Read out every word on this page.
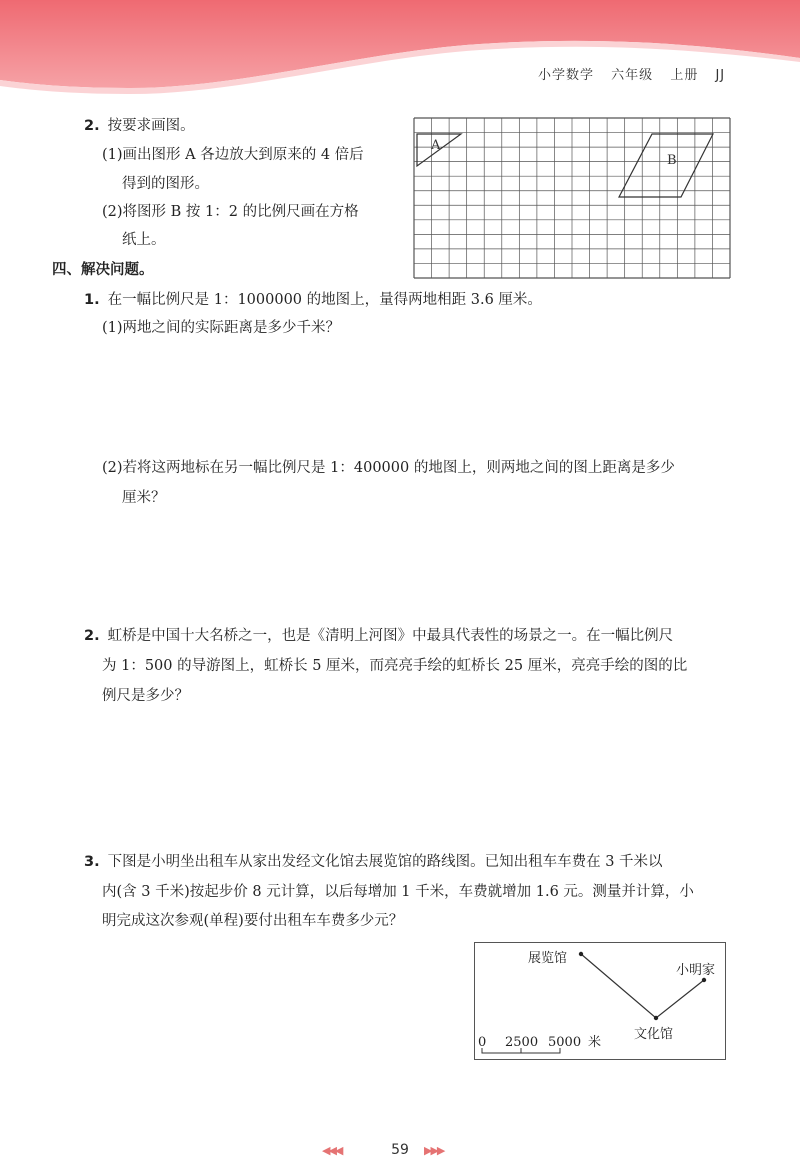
小学数学 六年级 上册 JJ
2. 按要求画图。
(1)画出图形 A 各边放大到原来的 4 倍后
得到的图形。
(2)将图形 B 按 1：2 的比例尺画在方格
纸上。
A
B
四、解决问题。
1. 在一幅比例尺是 1：1000000 的地图上，量得两地相距 3.6 厘米。
(1)两地之间的实际距离是多少千米？
(2)若将这两地标在另一幅比例尺是 1：400000 的地图上，则两地之间的图上距离是多少
厘米？
2. 虹桥是中国十大名桥之一，也是《清明上河图》中最具代表性的场景之一。在一幅比例尺
为 1：500 的导游图上，虹桥长 5 厘米，而亮亮手绘的虹桥长 25 厘米，亮亮手绘的图的比
例尺是多少？
3. 下图是小明坐出租车从家出发经文化馆去展览馆的路线图。已知出租车车费在 3 千米以
内(含 3 千米)按起步价 8 元计算，以后每增加 1 千米，车费就增加 1.6 元。测量并计算，小
明完成这次参观(单程)要付出租车车费多少元？
展览馆
小明家
文化馆
0 2500 5000 米
◀◀◀	59	▶▶▶
